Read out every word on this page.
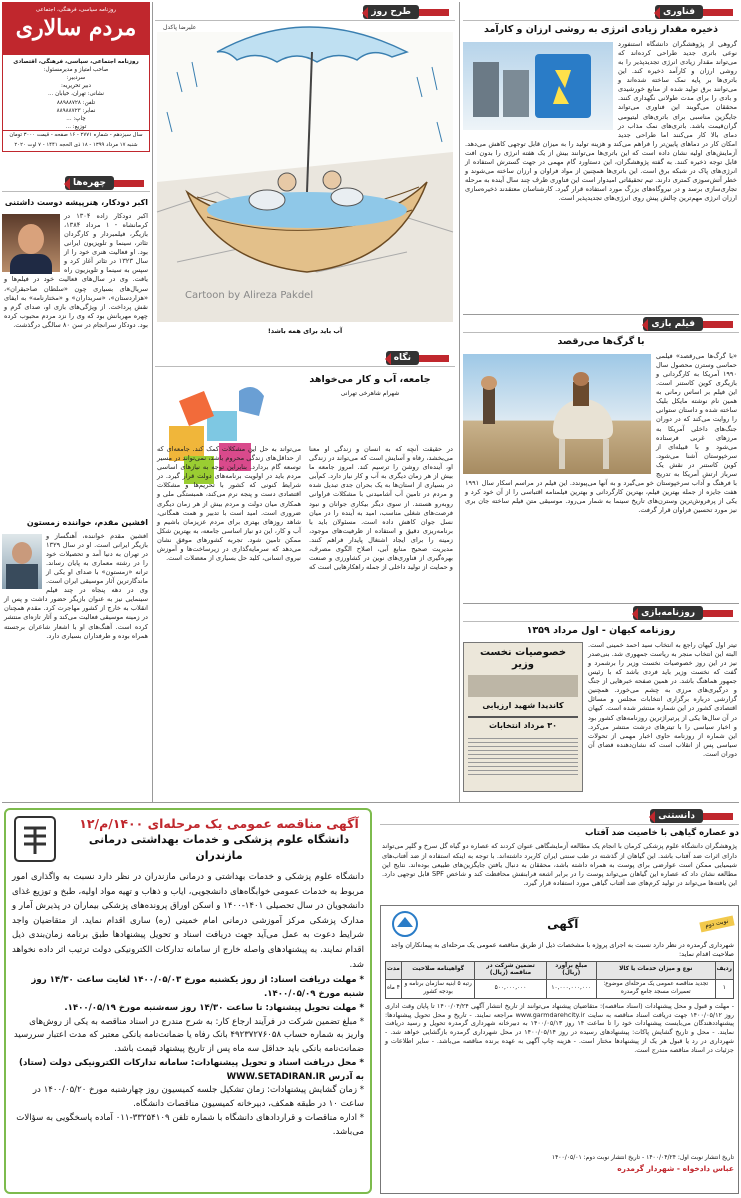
روزنامه سیاسی، فرهنگی، اجتماعی
مردم سالاری
روزنامه اجتماعی، سیاسی، فرهنگی، اقتصادی
صاحب امتیاز و مدیرمسئول:
سردبیر:
دبیر تحریریه:
نشانی: تهران، خیابان ...
تلفن: ۸۸۹۸۸۷۲۸
نمابر: ۸۸۹۸۸۷۲۳
چاپ: ...
توزیع: ...
سال سیزدهم - شماره ۲۷۷۱ - ۱۶ صفحه - قیمت ۳۰۰۰ تومان
شنبه ۱۷ مرداد ۱۳۹۹ - ۱۸ ذی الحجه ۱۴۴۱ - ۷ اوت ۲۰۲۰
چهره‌ها
اکبر دودکار، هنرپیشه دوست داشتنی
اکبر دودکار زاده ۱۳۰۴ در کرمانشاه - ۱ مرداد ۱۳۸۴، بازیگر، فیلمبردار و کارگردان تئاتر، سینما و تلویزیون ایرانی بود. او فعالیت هنری خود را از سال ۱۳۲۳ در تئاتر آغاز کرد و سپس به سینما و تلویزیون راه یافت. وی در سال‌های فعالیت خود در فیلم‌ها و سریال‌های بسیاری چون «سلطان صاحبقران»، «هزاردستان»، «سربداران» و «مختارنامه» به ایفای نقش پرداخت. از ویژگی‌های بازی او، صدای گرم و چهره مهربانش بود که وی را نزد مردم محبوب کرده بود. دودکار سرانجام در سن ۸۰ سالگی درگذشت.
افشین مقدم، خواننده زمستون
افشین مقدم خواننده، آهنگساز و بازیگر ایرانی است. او در سال ۱۳۲۹ در تهران به دنیا آمد و تحصیلات خود را در رشته معماری به پایان رساند. ترانه «زمستون» با صدای او یکی از ماندگارترین آثار موسیقی ایران است. وی در دهه پنجاه در چند فیلم سینمایی نیز به عنوان بازیگر حضور داشت و پس از انقلاب به خارج از کشور مهاجرت کرد. مقدم همچنان در زمینه موسیقی فعالیت می‌کند و آثار تازه‌ای منتشر کرده است. آهنگ‌های او با اشعار شاعران برجسته همراه بوده و طرفداران بسیاری دارد.
طرح روز
علیرضا پاکدل
Cartoon by Alireza Pakdel
آب باید برای همه باشد!
نگاه
جامعه، آب و کار می‌خواهد
شهرام شاهرخی تهرانی
در حقیقت آنچه که به انسان و زندگی او معنا می‌بخشد، رفاه و آسایش است که می‌تواند در زندگی او، آینده‌ای روشن را ترسیم کند. امروز جامعه ما بیش از هر زمان دیگری به آب و کار نیاز دارد. کم‌آبی در بسیاری از استان‌ها به یک بحران جدی تبدیل شده و مردم در تامین آب آشامیدنی با مشکلات فراوانی روبه‌رو هستند. از سوی دیگر بیکاری جوانان و نبود فرصت‌های شغلی مناسب، امید به آینده را در میان نسل جوان کاهش داده است. مسئولان باید با برنامه‌ریزی دقیق و استفاده از ظرفیت‌های موجود، زمینه را برای ایجاد اشتغال پایدار فراهم کنند. مدیریت صحیح منابع آبی، اصلاح الگوی مصرف، بهره‌گیری از فناوری‌های نوین در کشاورزی و صنعت و حمایت از تولید داخلی از جمله راهکارهایی است که می‌تواند به حل این مشکلات کمک کند. جامعه‌ای که از حداقل‌های زندگی محروم باشد، نمی‌تواند در مسیر توسعه گام بردارد. بنابراین توجه به نیازهای اساسی مردم باید در اولویت برنامه‌های دولت قرار گیرد. در شرایط کنونی که کشور با تحریم‌ها و مشکلات اقتصادی دست و پنجه نرم می‌کند، همبستگی ملی و همکاری میان دولت و مردم بیش از هر زمان دیگری ضروری است. امید است با تدبیر و همت همگانی، شاهد روزهای بهتری برای مردم عزیزمان باشیم و آب و کار، این دو نیاز اساسی جامعه، به بهترین شکل ممکن تامین شود. تجربه کشورهای موفق نشان می‌دهد که سرمایه‌گذاری در زیرساخت‌ها و آموزش نیروی انسانی، کلید حل بسیاری از معضلات است.
فناوری
ذخیره مقدار زیادی انرژی به روشی ارزان و کارآمد
گروهی از پژوهشگران دانشگاه استنفورد نوعی باتری جدید طراحی کرده‌اند که می‌تواند مقدار زیادی انرژی تجدیدپذیر را به روشی ارزان و کارآمد ذخیره کند. این باتری‌ها بر پایه نمک ساخته شده‌اند و می‌توانند برق تولید شده از منابع خورشیدی و بادی را برای مدت طولانی نگهداری کنند. محققان می‌گویند این فناوری می‌تواند جایگزین مناسبی برای باتری‌های لیتیومی گران‌قیمت باشد. باتری‌های نمک مذاب در دمای بالا کار می‌کنند اما طراحی جدید امکان کار در دماهای پایین‌تر را فراهم می‌کند و هزینه تولید را به میزان قابل توجهی کاهش می‌دهد. آزمایش‌های اولیه نشان داده است که این باتری‌ها می‌توانند بیش از یک هفته انرژی را بدون افت قابل توجه ذخیره کنند. به گفته پژوهشگران، این دستاورد گام مهمی در جهت گسترش استفاده از انرژی‌های پاک در شبکه برق است. این باتری‌ها همچنین از مواد فراوان و ارزان ساخته می‌شوند و خطر آتش‌سوزی کمتری دارند. تیم تحقیقاتی امیدوار است این فناوری ظرف چند سال آینده به مرحله تجاری‌سازی برسد و در نیروگاه‌های بزرگ مورد استفاده قرار گیرد. کارشناسان معتقدند ذخیره‌سازی ارزان انرژی مهم‌ترین چالش پیش روی انرژی‌های تجدیدپذیر است.
فیلم بازی
با گرگ‌ها می‌رقصد
«با گرگ‌ها می‌رقصد» فیلمی حماسی وسترن محصول سال ۱۹۹۰ آمریکا به کارگردانی و بازیگری کوین کاستنر است. این فیلم بر اساس رمانی به همین نام نوشته مایکل بلیک ساخته شده و داستان ستوانی را روایت می‌کند که در دوران جنگ‌های داخلی آمریکا به مرزهای غربی فرستاده می‌شود و با قبیله‌ای از سرخپوستان آشنا می‌شود. کوین کاستنر در نقش یک سرباز ارتش آمریکا به تدریج با فرهنگ و آداب سرخپوستان خو می‌گیرد و به آنها می‌پیوندد. این فیلم در مراسم اسکار سال ۱۹۹۱ هفت جایزه از جمله بهترین فیلم، بهترین کارگردانی و بهترین فیلمنامه اقتباسی را از آن خود کرد و یکی از پرفروش‌ترین وسترن‌های تاریخ سینما به شمار می‌رود. موسیقی متن فیلم ساخته جان بری نیز مورد تحسین فراوان قرار گرفت.
روزنامه‌بازی
روزنامه کیهان - اول مرداد ۱۳۵۹
خصوصیات نخست وزیر
کاندیدا شهید ارزیابی
۳۰ مرداد انتخابات
تیتر اول کیهان راجع به انتخاب سید احمد خمینی است. البته این انتخاب منجر به ریاست جمهوری شد. بنی‌صدر نیز در این روز خصوصیات نخست وزیر را برشمرد و گفت که نخست وزیر باید فردی باشد که با رئیس جمهور هماهنگ باشد. در همین صفحه خبرهایی از جنگ و درگیری‌های مرزی به چشم می‌خورد. همچنین گزارشی درباره برگزاری انتخابات مجلس و مسائل اقتصادی کشور در این شماره منتشر شده است. کیهان در آن سال‌ها یکی از پرتیراژترین روزنامه‌های کشور بود و اخبار سیاسی را با تیترهای درشت منتشر می‌کرد. این شماره از روزنامه حاوی اخبار مهمی از تحولات سیاسی پس از انقلاب است که نشان‌دهنده فضای آن دوران است.
آگهی مناقصه عمومی یک مرحله‌ای ۱۴۰۰/م/۱۲
دانشگاه علوم پزشکی و خدمات بهداشتی درمانی مازندران
دانشگاه علوم پزشکی و خدمات بهداشتی و درمانی مازندران در نظر دارد نسبت به واگذاری امور مربوط به خدمات عمومی خوابگاه‌های دانشجویی، ایاب و ذهاب و تهیه مواد اولیه، طبخ و توزیع غذای دانشجویان در سال تحصیلی ۱۴۰۱-۱۴۰۰ و اسکن اوراق پرونده‌های پزشکی بیماران در پذیرش آمار و مدارک پزشکی مرکز آموزشی درمانی امام خمینی (ره) ساری اقدام نماید. از متقاضیان واجد شرایط دعوت به عمل می‌آید جهت دریافت اسناد و تحویل پیشنهادها طبق برنامه زمان‌بندی ذیل اقدام نمایند. به پیشنهادهای واصله خارج از سامانه تدارکات الکترونیکی دولت ترتیب اثر داده نخواهد شد.
* مهلت دریافت اسناد: از روز یکشنبه مورخ ۱۴۰۰/۰۵/۰۳ لغایت ساعت ۱۴/۳۰ روز شنبه مورخ ۱۴۰۰/۰۵/۰۹.
* مهلت تحویل پیشنهاد: تا ساعت ۱۴/۳۰ روز سه‌شنبه مورخ ۱۴۰۰/۰۵/۱۹.
* مبلغ تضمین شرکت در فرآیند ارجاع کار: به شرح مندرج در اسناد مناقصه به یکی از روش‌های واریز به شماره حساب ۴۹۲۳۷۲۷۶۰۵۸ بانک رفاه یا ضمانت‌نامه بانکی معتبر که مدت اعتبار سررسید ضمانت‌نامه بانکی باید حداقل سه ماه پس از تاریخ پیشنهاد قیمت باشد.
* محل دریافت اسناد و تحویل پیشنهادات: سامانه تدارکات الکترونیکی دولت (ستاد) به آدرس WWW.SETADIRAN.IR
* زمان گشایش پیشنهادات: زمان تشکیل جلسه کمیسیون روز چهارشنبه مورخ ۱۴۰۰/۰۵/۲۰ در ساعت ۱۰ در طبقه همکف، دبیرخانه کمیسیون مناقصات دانشگاه.
* اداره مناقصات و قراردادهای دانشگاه با شماره تلفن ۳۳۲۵۴۱۰۹-۰۱۱ آماده پاسخگویی به سؤالات می‌باشد.
دانستنی
دو عصاره گیاهی با خاصیت ضد آفتاب
پژوهشگران دانشگاه علوم پزشکی کرمان با انجام یک مطالعه آزمایشگاهی عنوان کردند که عصاره دو گیاه گل سرخ و گلپر می‌تواند دارای اثرات ضد آفتاب باشد. این گیاهان از گذشته در طب سنتی ایران کاربرد داشته‌اند. با توجه به اینکه استفاده از ضد آفتاب‌های شیمیایی ممکن است عوارضی برای پوست به همراه داشته باشد، محققان به دنبال یافتن جایگزین‌های طبیعی بوده‌اند. نتایج این مطالعه نشان داد که عصاره این گیاهان می‌تواند پوست را در برابر اشعه فرابنفش محافظت کند و شاخص SPF قابل توجهی دارد. این یافته‌ها می‌تواند در تولید کرم‌های ضد آفتاب گیاهی مورد استفاده قرار گیرد.
نوبت دوم
آگهی
شهرداری گرمدره در نظر دارد نسبت به اجرای پروژه با مشخصات ذیل از طریق مناقصه عمومی یک مرحله‌ای به پیمانکاران واجد صلاحیت اقدام نماید:
ردیف	نوع و میزان خدمات یا کالا	مبلغ برآورد (ریال)	تضمین شرکت در مناقصه (ریال)	گواهینامه صلاحیت	مدت
۱	تجدید مناقصه عمومی یک مرحله‌ای موضوع: تعمیرات مسجد جامع گرمدره	۱۰,۰۰۰,۰۰۰,۰۰۰	۵۰۰,۰۰۰,۰۰۰	رتبه ۵ ابنیه سازمان برنامه و بودجه کشور	۴ ماه
- مهلت و قبول و محل پیشنهادات (اسناد مناقصه): متقاضیان پیشنهاد می‌توانند از تاریخ انتشار آگهی ۱۴۰۰/۰۴/۲۴ تا پایان وقت اداری روز ۱۴۰۰/۰۵/۱۲ جهت دریافت اسناد مناقصه به سایت www.garmdarehcity.ir مراجعه نمایند. - تاریخ و محل تحویل پیشنهادها: پیشنهاددهندگان می‌بایست پیشنهادات خود را تا ساعت ۱۴ روز ۱۴۰۰/۰۵/۱۳ به دبیرخانه شهرداری گرمدره تحویل و رسید دریافت نمایند. - محل و تاریخ گشایش پاکات: پیشنهادهای رسیده در روز ۱۴۰۰/۰۵/۱۴ در محل شهرداری گرمدره بازگشایی خواهد شد. - شهرداری در رد یا قبول هر یک از پیشنهادها مختار است. - هزینه چاپ آگهی به عهده برنده مناقصه می‌باشد. - سایر اطلاعات و جزئیات در اسناد مناقصه مندرج است.
تاریخ انتشار نوبت اول: ۱۴۰۰/۰۴/۲۴ - تاریخ انتشار نوبت دوم: ۱۴۰۰/۰۵/۰۱
عباس دادخواه - شهردار گرمدره
